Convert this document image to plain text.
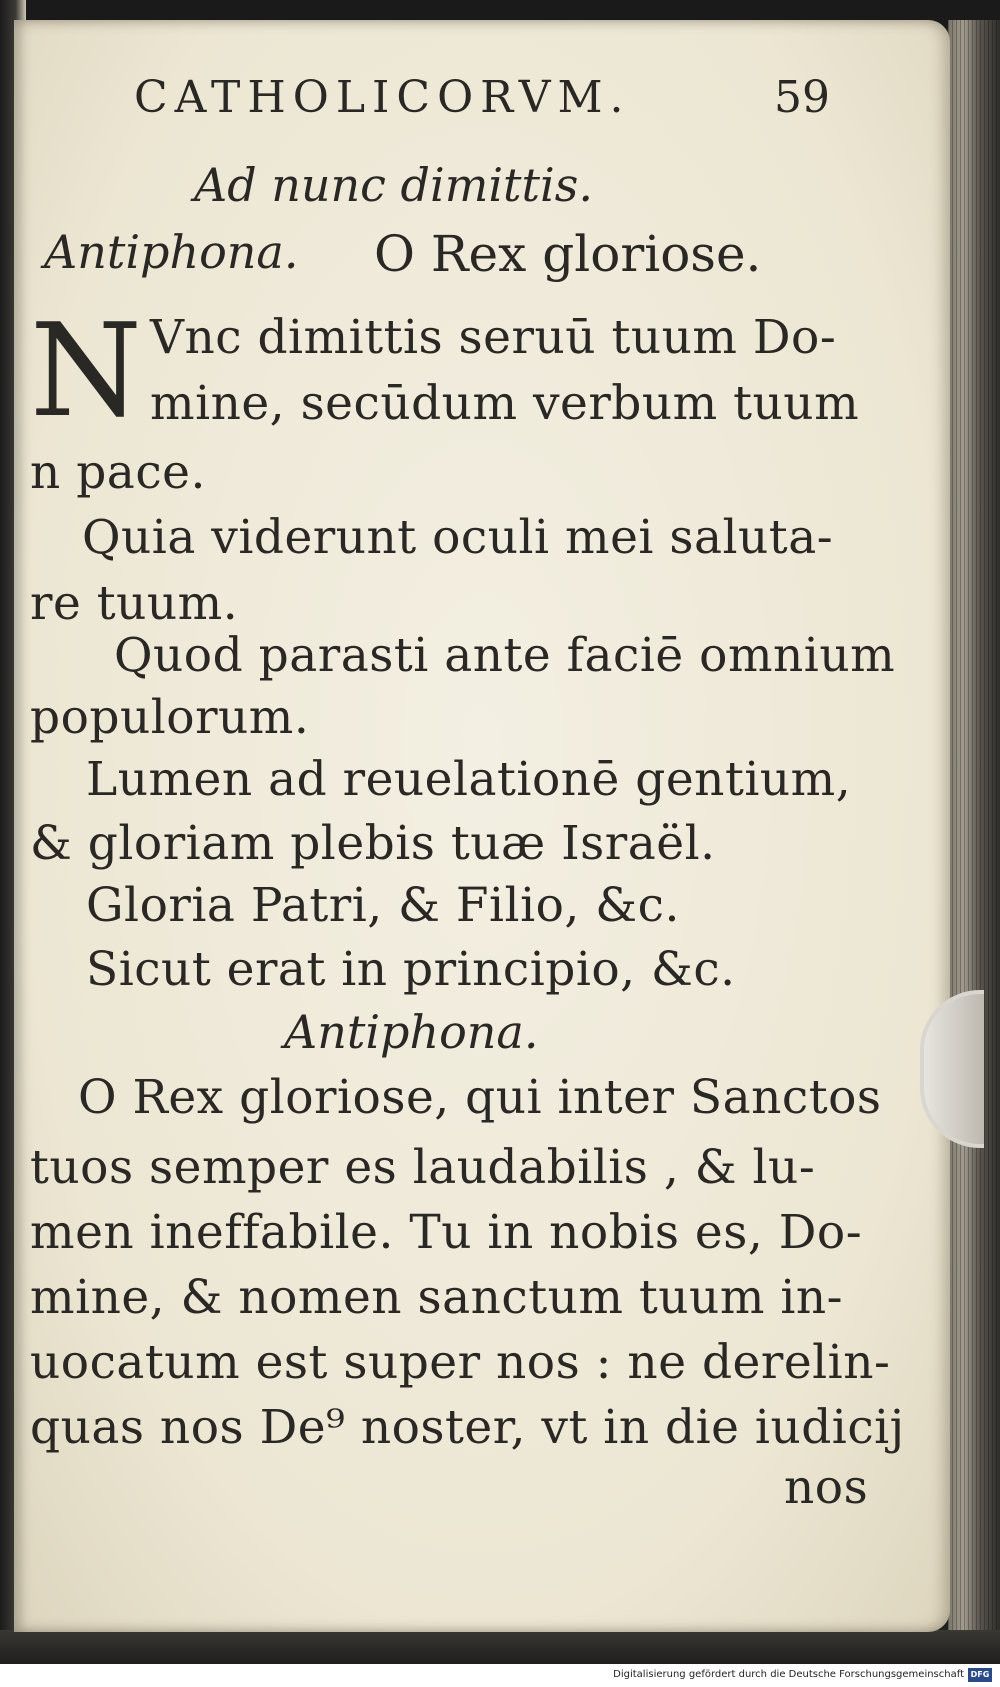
CATHOLICORVM.	59
Ad nunc dimittis.
Antiphona. O Rex gloriose.
N Vnc dimittis seruū tuum Do-
mine, secūdum verbum tuum
n pace.
Quia viderunt oculi mei saluta-
re tuum.
Quod parasti ante faciē omnium
populorum.
Lumen ad reuelationē gentium,
& gloriam plebis tuæ Israël.
Gloria Patri, & Filio, &c.
Sicut erat in principio, &c.
Antiphona.
O Rex gloriose, qui inter Sanctos
tuos semper es laudabilis , & lu-
men ineffabile. Tu in nobis es, Do-
mine, & nomen sanctum tuum in-
uocatum est super nos : ne derelin-
quas nos De⁹ noster, vt in die iudicij
nos
Digitalisierung gefördert durch die Deutsche Forschungsgemeinschaft DFG
